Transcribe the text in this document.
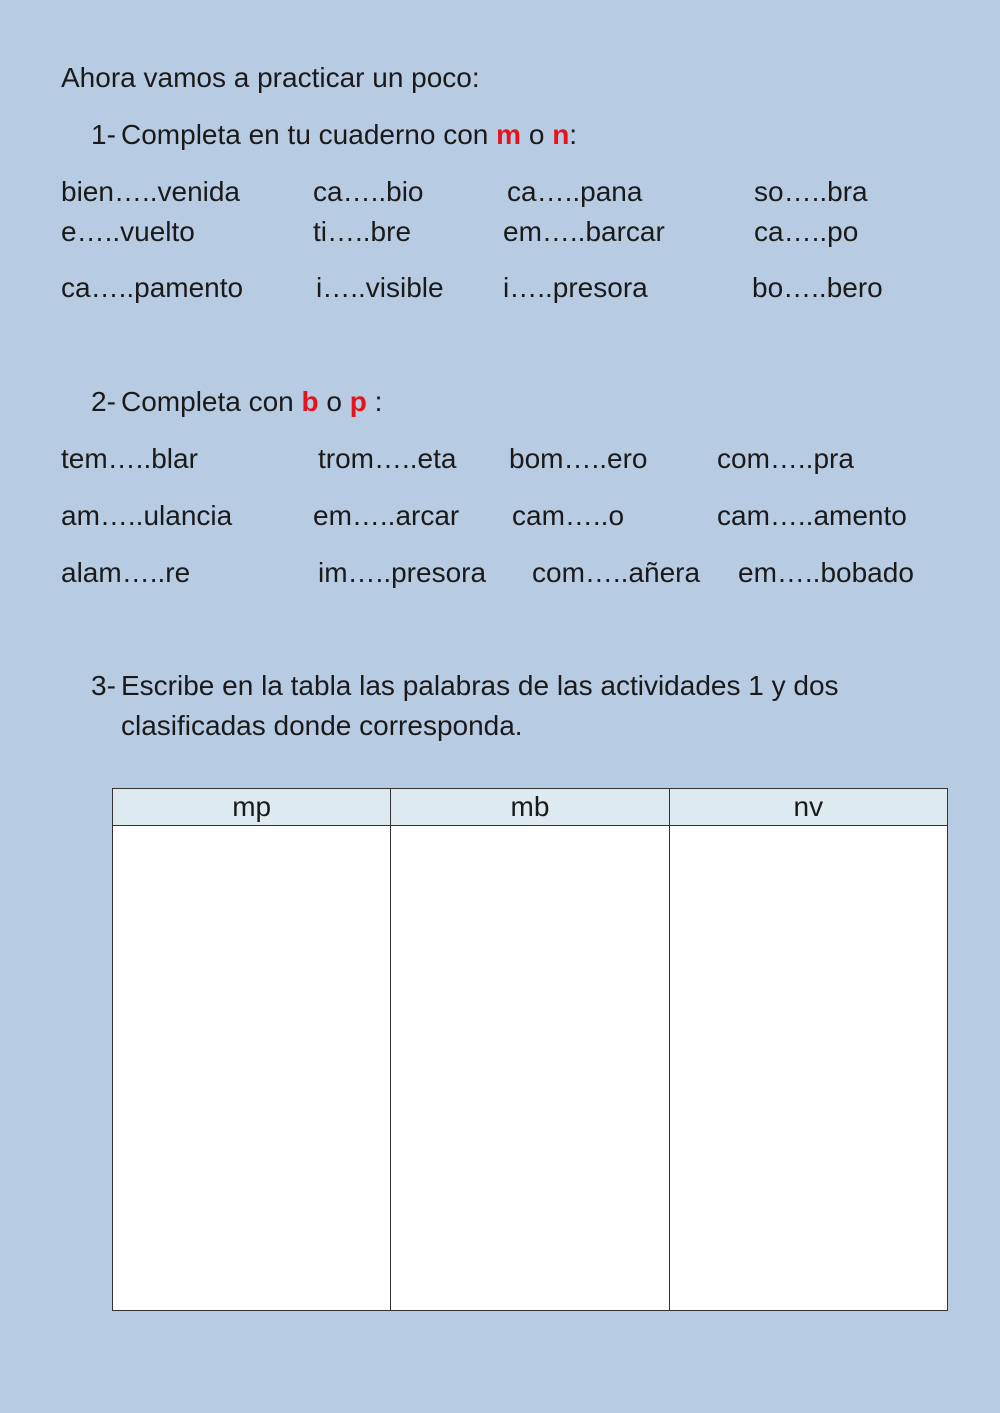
Ahora vamos a practicar un poco:
1- Completa en tu cuaderno con m o n:
bien…..venida	ca…..bio	ca…..pana	so…..bra
e…..vuelto	ti…..bre	em…..barcar	ca…..po
ca…..pamento	i…..visible i…..presora	bo…..bero
2- Completa con b o p :
tem…..blar	trom…..eta bom…..ero com…..pra
am…..ulancia	em…..arcar cam…..o	cam…..amento
alam…..re	im…..presora com…..añera em…..bobado
3- Escribe en la tabla las palabras de las actividades 1 y dos
clasificadas donde corresponda.
mp	mb	nv
